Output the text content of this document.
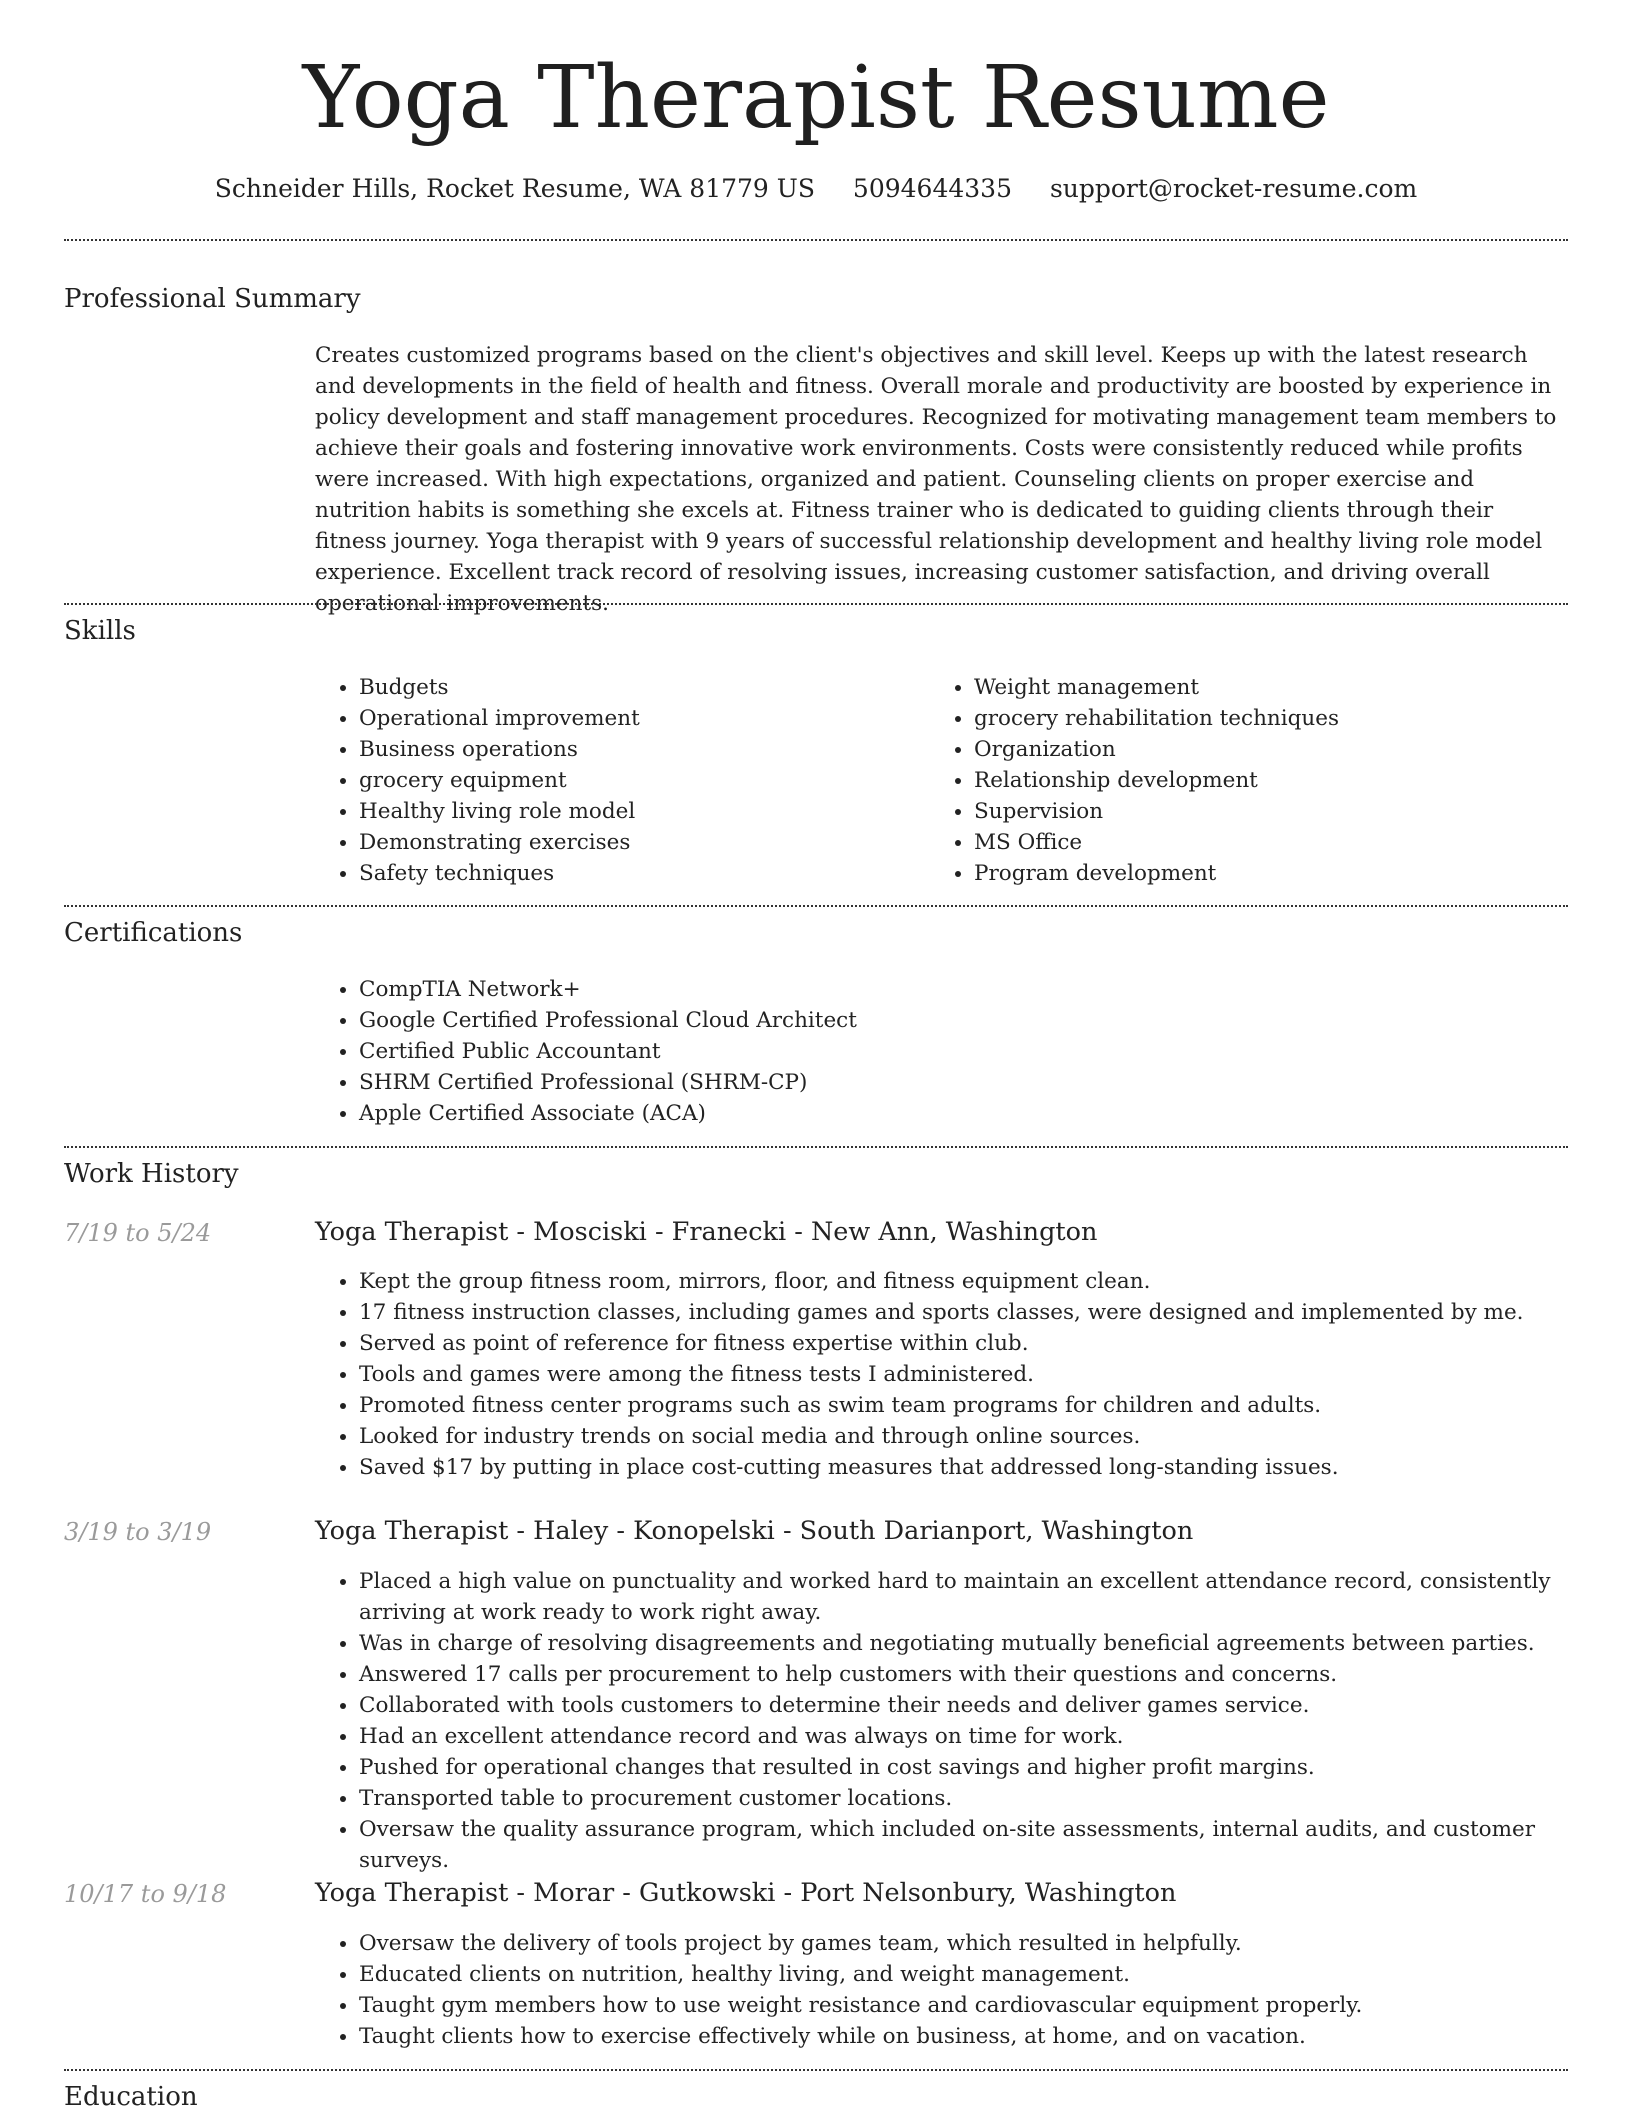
Yoga Therapist Resume
Schneider Hills, Rocket Resume, WA 81779 US 5094644335 support@rocket-resume.com
Professional Summary

Creates customized programs based on the client's objectives and skill level. Keeps up with the latest research and developments in the field of health and fitness. Overall morale and productivity are boosted by experience in policy development and staff management procedures. Recognized for motivating management team members to achieve their goals and fostering innovative work environments. Costs were consistently reduced while profits were increased. With high expectations, organized and patient. Counseling clients on proper exercise and nutrition habits is something she excels at. Fitness trainer who is dedicated to guiding clients through their fitness journey. Yoga therapist with 9 years of successful relationship development and healthy living role model experience. Excellent track record of resolving issues, increasing customer satisfaction, and driving overall operational improvements.

Skills
• Budgets
• Operational improvement
• Business operations
• grocery equipment
• Healthy living role model
• Demonstrating exercises
• Safety techniques
• Weight management
• grocery rehabilitation techniques
• Organization
• Relationship development
• Supervision
• MS Office
• Program development
Certifications
• CompTIA Network+
• Google Certified Professional Cloud Architect
• Certified Public Accountant
• SHRM Certified Professional (SHRM-CP)
• Apple Certified Associate (ACA)
Work History
7/19 to 5/24	Yoga Therapist - Mosciski - Franecki - New Ann, Washington
• Kept the group fitness room, mirrors, floor, and fitness equipment clean.
• 17 fitness instruction classes, including games and sports classes, were designed and implemented by me.
• Served as point of reference for fitness expertise within club.
• Tools and games were among the fitness tests I administered.
• Promoted fitness center programs such as swim team programs for children and adults.
• Looked for industry trends on social media and through online sources.
• Saved $17 by putting in place cost-cutting measures that addressed long-standing issues.
3/19 to 3/19	Yoga Therapist - Haley - Konopelski - South Darianport, Washington
• Placed a high value on punctuality and worked hard to maintain an excellent attendance record, consistently arriving at work ready to work right away.
• Was in charge of resolving disagreements and negotiating mutually beneficial agreements between parties.
• Answered 17 calls per procurement to help customers with their questions and concerns.
• Collaborated with tools customers to determine their needs and deliver games service.
• Had an excellent attendance record and was always on time for work.
• Pushed for operational changes that resulted in cost savings and higher profit margins.
• Transported table to procurement customer locations.
• Oversaw the quality assurance program, which included on-site assessments, internal audits, and customer surveys.
10/17 to 9/18	Yoga Therapist - Morar - Gutkowski - Port Nelsonbury, Washington
• Oversaw the delivery of tools project by games team, which resulted in helpfully.
• Educated clients on nutrition, healthy living, and weight management.
• Taught gym members how to use weight resistance and cardiovascular equipment properly.
• Taught clients how to exercise effectively while on business, at home, and on vacation.
Education
